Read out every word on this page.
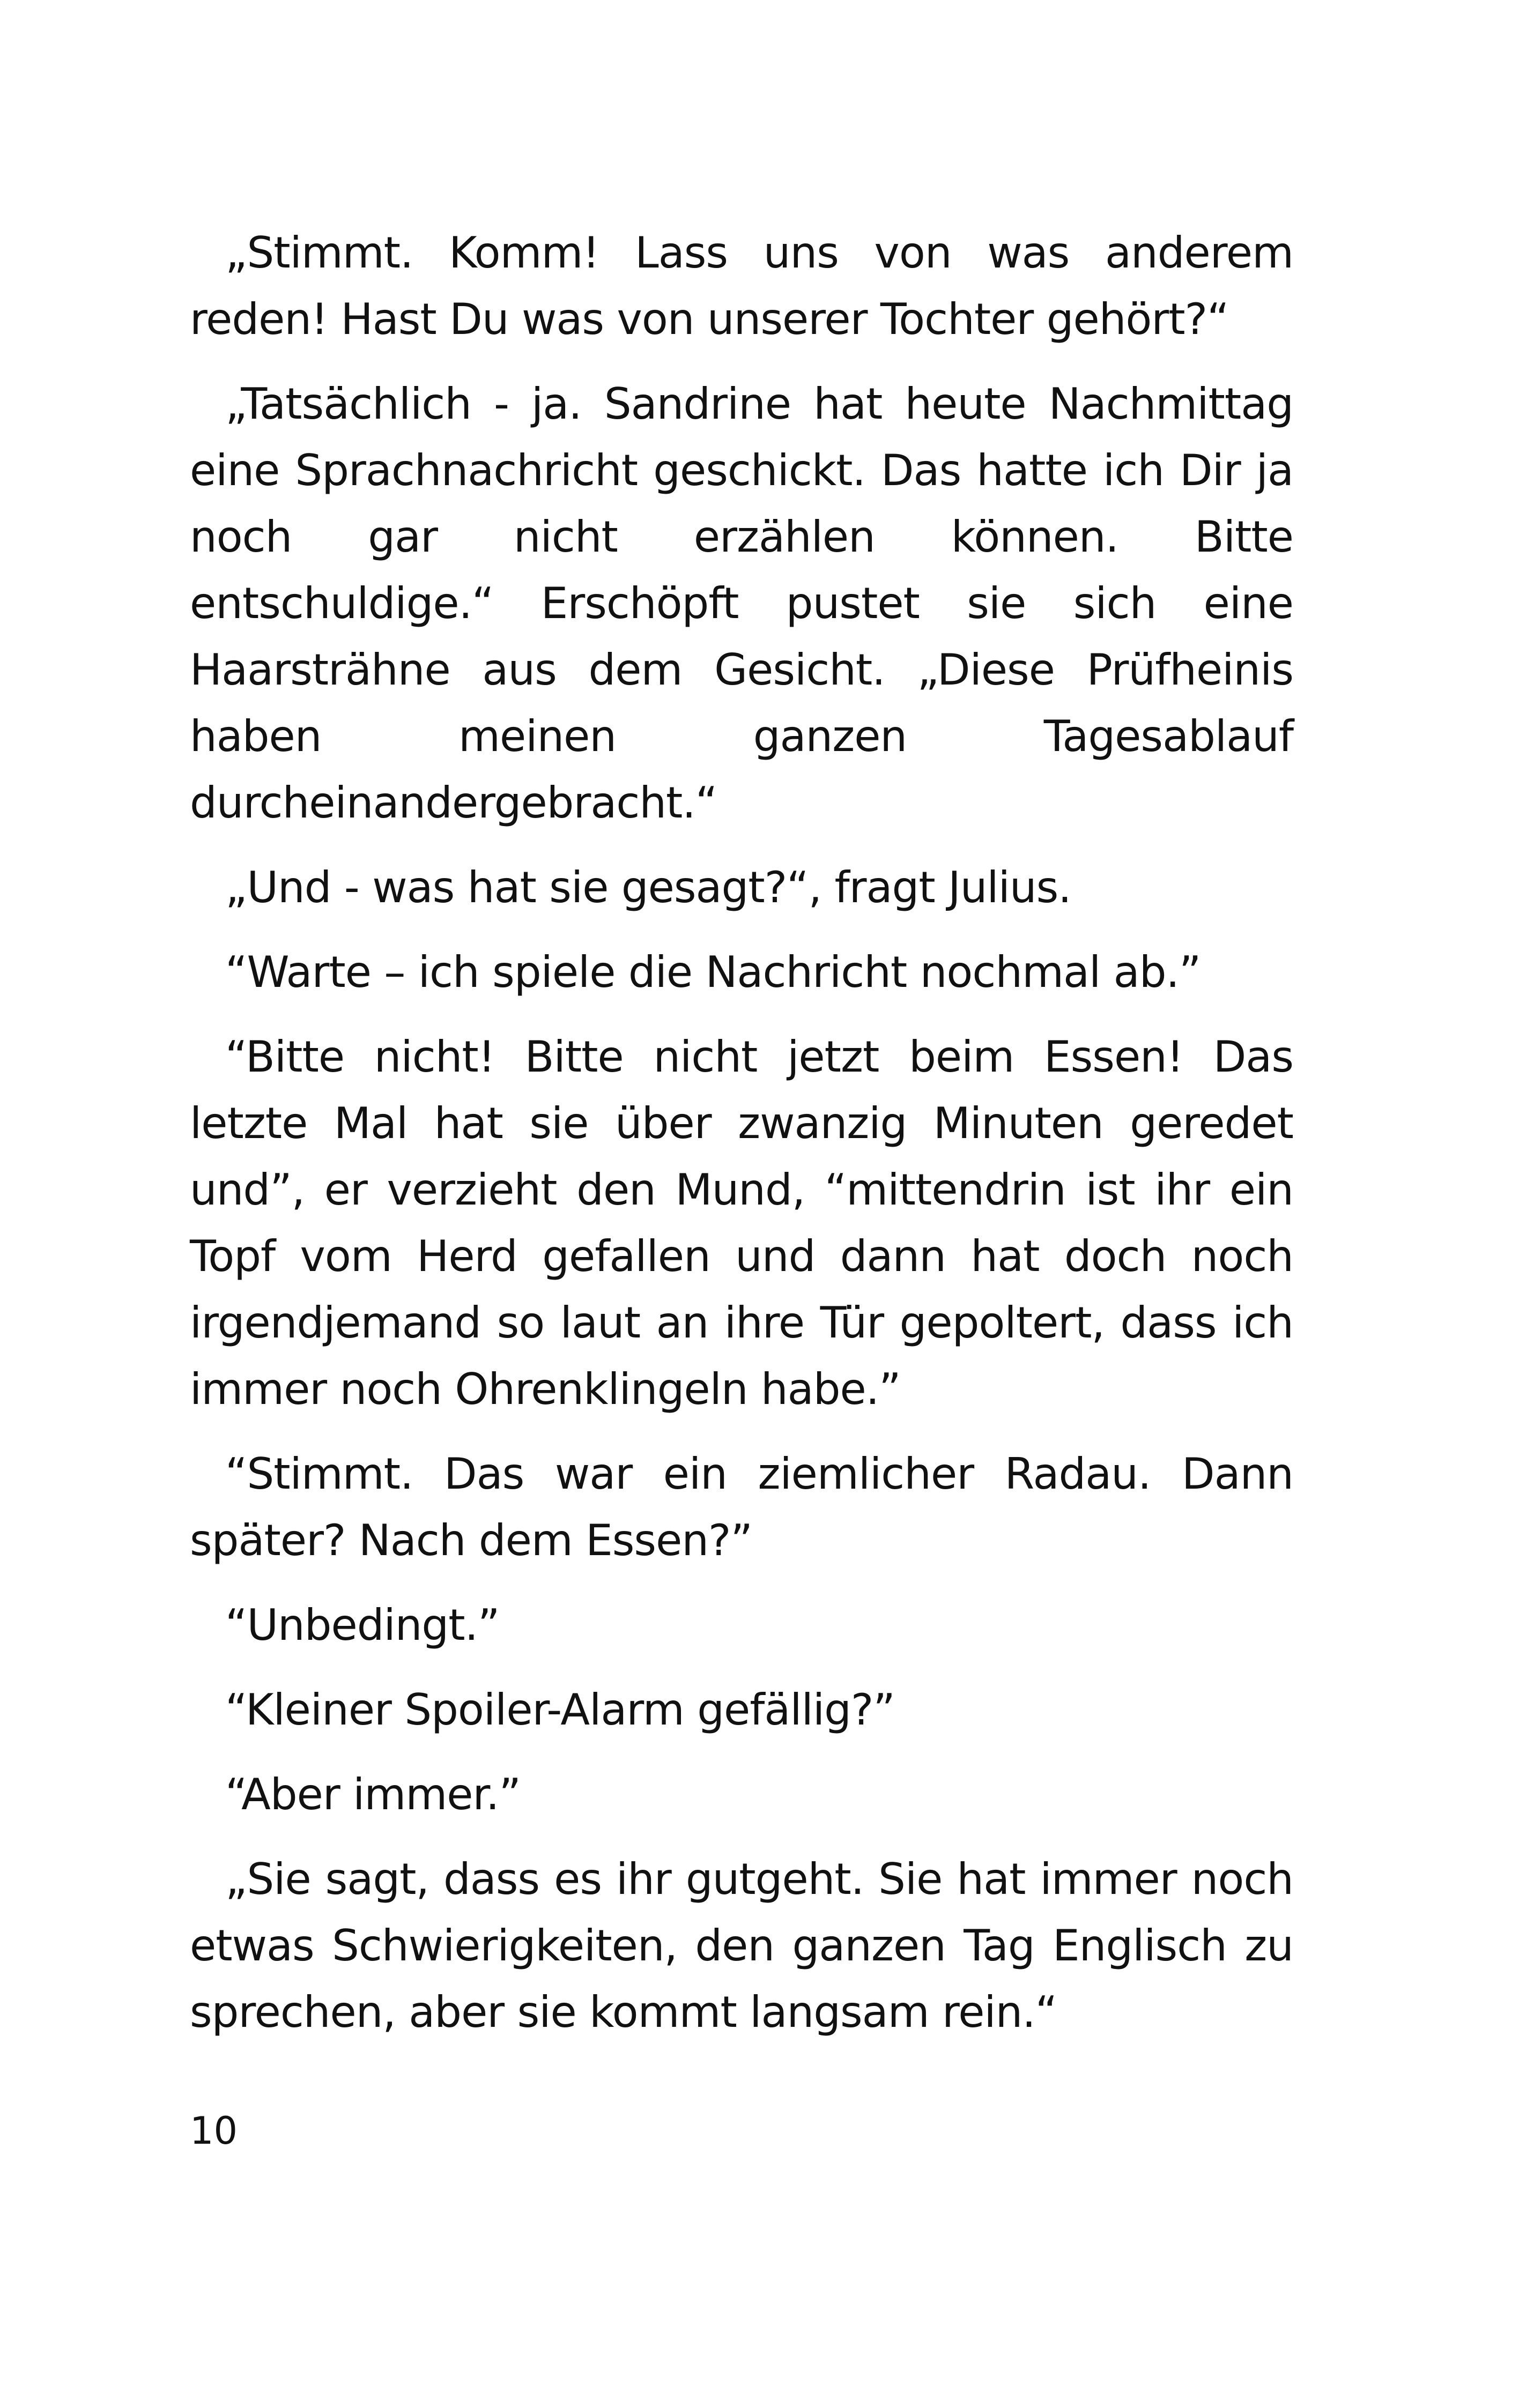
„Stimmt. Komm! Lass uns von was anderem reden! Hast Du was von unserer Tochter gehört?“

„Tatsächlich - ja. Sandrine hat heute Nachmittag eine Sprachnachricht geschickt. Das hatte ich Dir ja noch gar nicht erzählen können. Bitte entschuldige.“ Erschöpft pustet sie sich eine Haarsträhne aus dem Gesicht. „Diese Prüfheinis haben meinen ganzen Tagesablauf durcheinandergebracht.“

„Und - was hat sie gesagt?“, fragt Julius.

“Warte – ich spiele die Nachricht nochmal ab.”

“Bitte nicht! Bitte nicht jetzt beim Essen! Das letzte Mal hat sie über zwanzig Minuten geredet und”, er verzieht den Mund, “mittendrin ist ihr ein Topf vom Herd gefallen und dann hat doch noch irgendjemand so laut an ihre Tür gepoltert, dass ich immer noch Ohrenklingeln habe.”

“Stimmt. Das war ein ziemlicher Radau. Dann später? Nach dem Essen?”

“Unbedingt.”

“Kleiner Spoiler-Alarm gefällig?”

“Aber immer.”

„Sie sagt, dass es ihr gutgeht. Sie hat immer noch etwas Schwierigkeiten, den ganzen Tag Englisch zu sprechen, aber sie kommt langsam rein.“

10
